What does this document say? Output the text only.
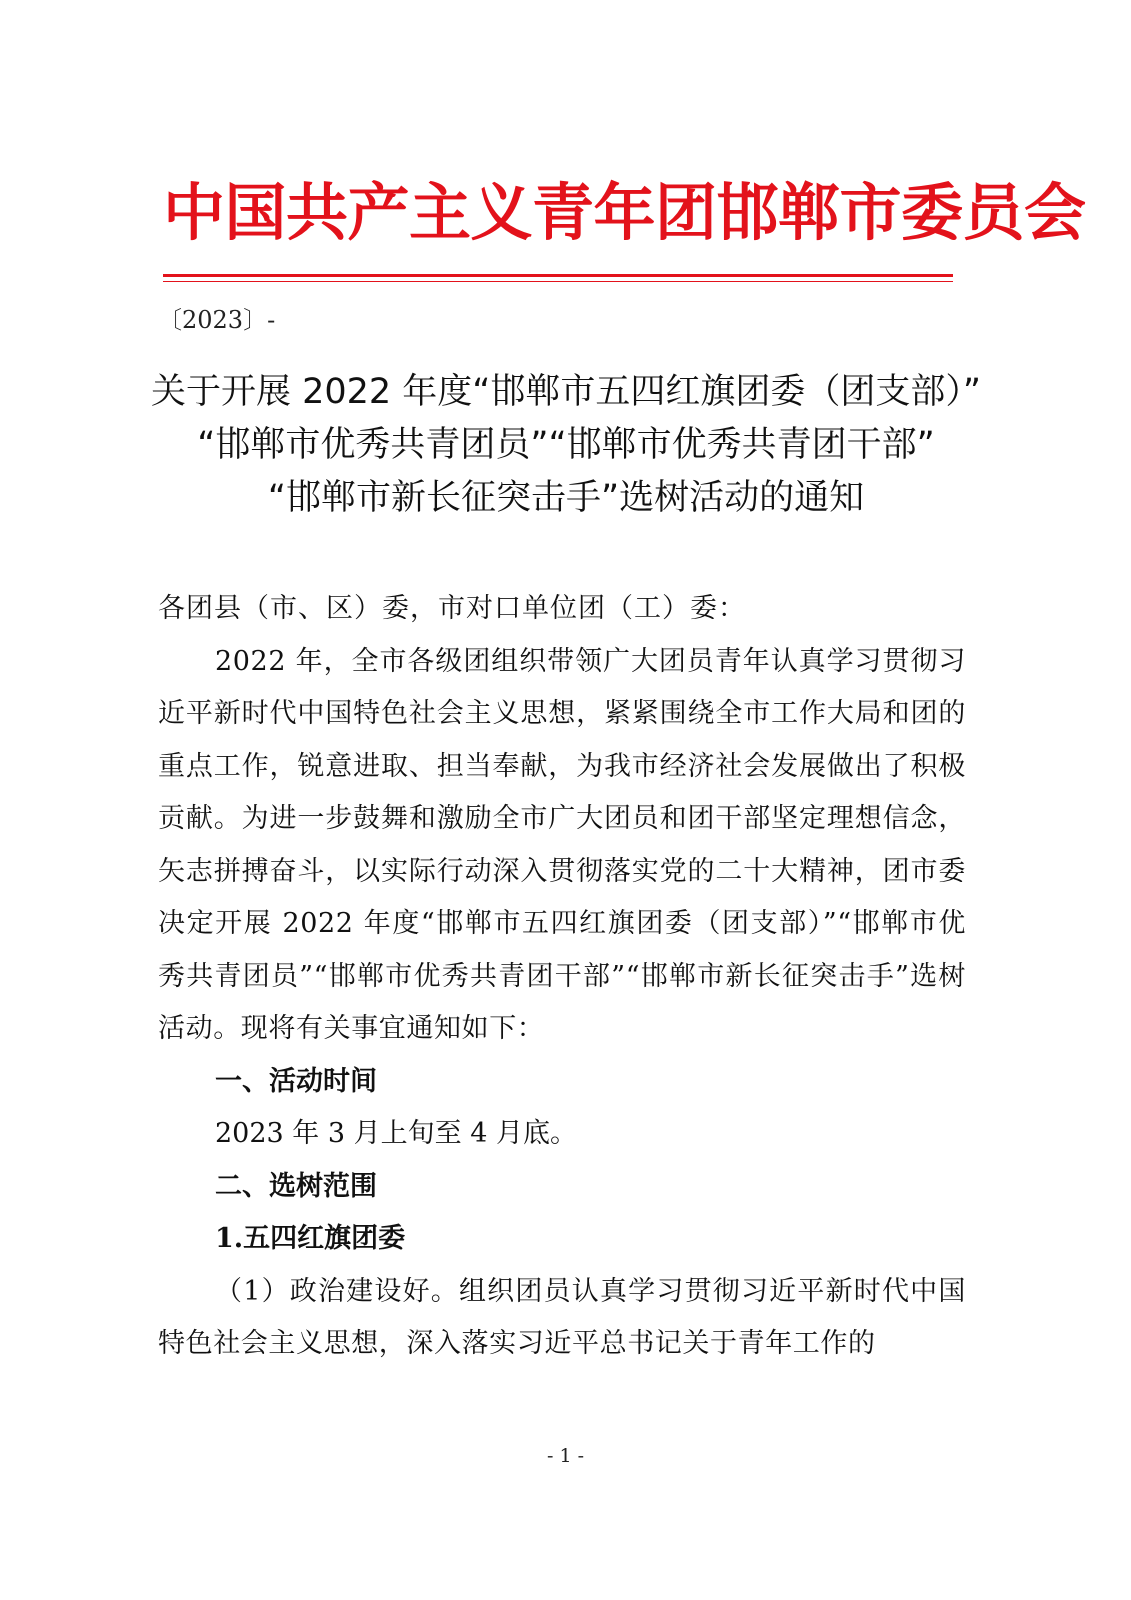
中国共产主义青年团邯郸市委员会
〔2023〕-
关于开展 2022 年度“邯郸市五四红旗团委（团支部）”
“邯郸市优秀共青团员”“邯郸市优秀共青团干部”
“邯郸市新长征突击手”选树活动的通知

各团县（市、区）委，市对口单位团（工）委：

2022 年，全市各级团组织带领广大团员青年认真学习贯彻习近平新时代中国特色社会主义思想，紧紧围绕全市工作大局和团的重点工作，锐意进取、担当奉献，为我市经济社会发展做出了积极贡献。为进一步鼓舞和激励全市广大团员和团干部坚定理想信念，矢志拼搏奋斗，以实际行动深入贯彻落实党的二十大精神，团市委决定开展 2022 年度“邯郸市五四红旗团委（团支部）”“邯郸市优秀共青团员”“邯郸市优秀共青团干部”“邯郸市新长征突击手”选树活动。现将有关事宜通知如下：

一、活动时间

2023 年 3 月上旬至 4 月底。

二、选树范围

1.五四红旗团委

（1）政治建设好。组织团员认真学习贯彻习近平新时代中国特色社会主义思想，深入落实习近平总书记关于青年工作的

- 1 -
